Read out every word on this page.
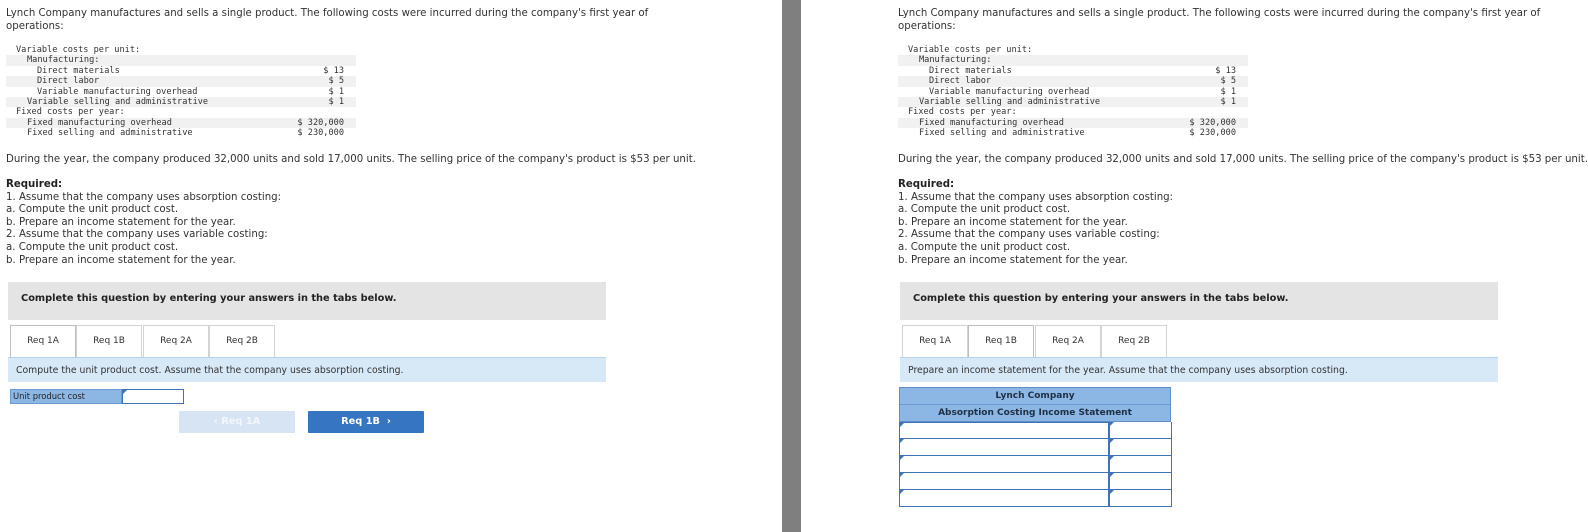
Lynch Company manufactures and sells a single product. The following costs were incurred during the company's first year of operations:
Variable costs per unit:
Manufacturing:
Direct materials	$ 13
Direct labor	$ 5
Variable manufacturing overhead	$ 1
Variable selling and administrative	$ 1
Fixed costs per year:
Fixed manufacturing overhead	$ 320,000
Fixed selling and administrative	$ 230,000
During the year, the company produced 32,000 units and sold 17,000 units. The selling price of the company's product is $53 per unit.
Required:
1. Assume that the company uses absorption costing:
a. Compute the unit product cost.
b. Prepare an income statement for the year.
2. Assume that the company uses variable costing:
a. Compute the unit product cost.
b. Prepare an income statement for the year.
Complete this question by entering your answers in the tabs below.
Req 1A	Req 1B	Req 2A	Req 2B
Compute the unit product cost. Assume that the company uses absorption costing.
Unit product cost
‹ Req 1A	Req 1B  ›
Lynch Company manufactures and sells a single product. The following costs were incurred during the company's first year of operations:
Variable costs per unit:
Manufacturing:
Direct materials	$ 13
Direct labor	$ 5
Variable manufacturing overhead	$ 1
Variable selling and administrative	$ 1
Fixed costs per year:
Fixed manufacturing overhead	$ 320,000
Fixed selling and administrative	$ 230,000
During the year, the company produced 32,000 units and sold 17,000 units. The selling price of the company's product is $53 per unit.
Required:
1. Assume that the company uses absorption costing:
a. Compute the unit product cost.
b. Prepare an income statement for the year.
2. Assume that the company uses variable costing:
a. Compute the unit product cost.
b. Prepare an income statement for the year.
Complete this question by entering your answers in the tabs below.
Req 1A	Req 1B	Req 2A	Req 2B
Prepare an income statement for the year. Assume that the company uses absorption costing.
Lynch Company
Absorption Costing Income Statement
